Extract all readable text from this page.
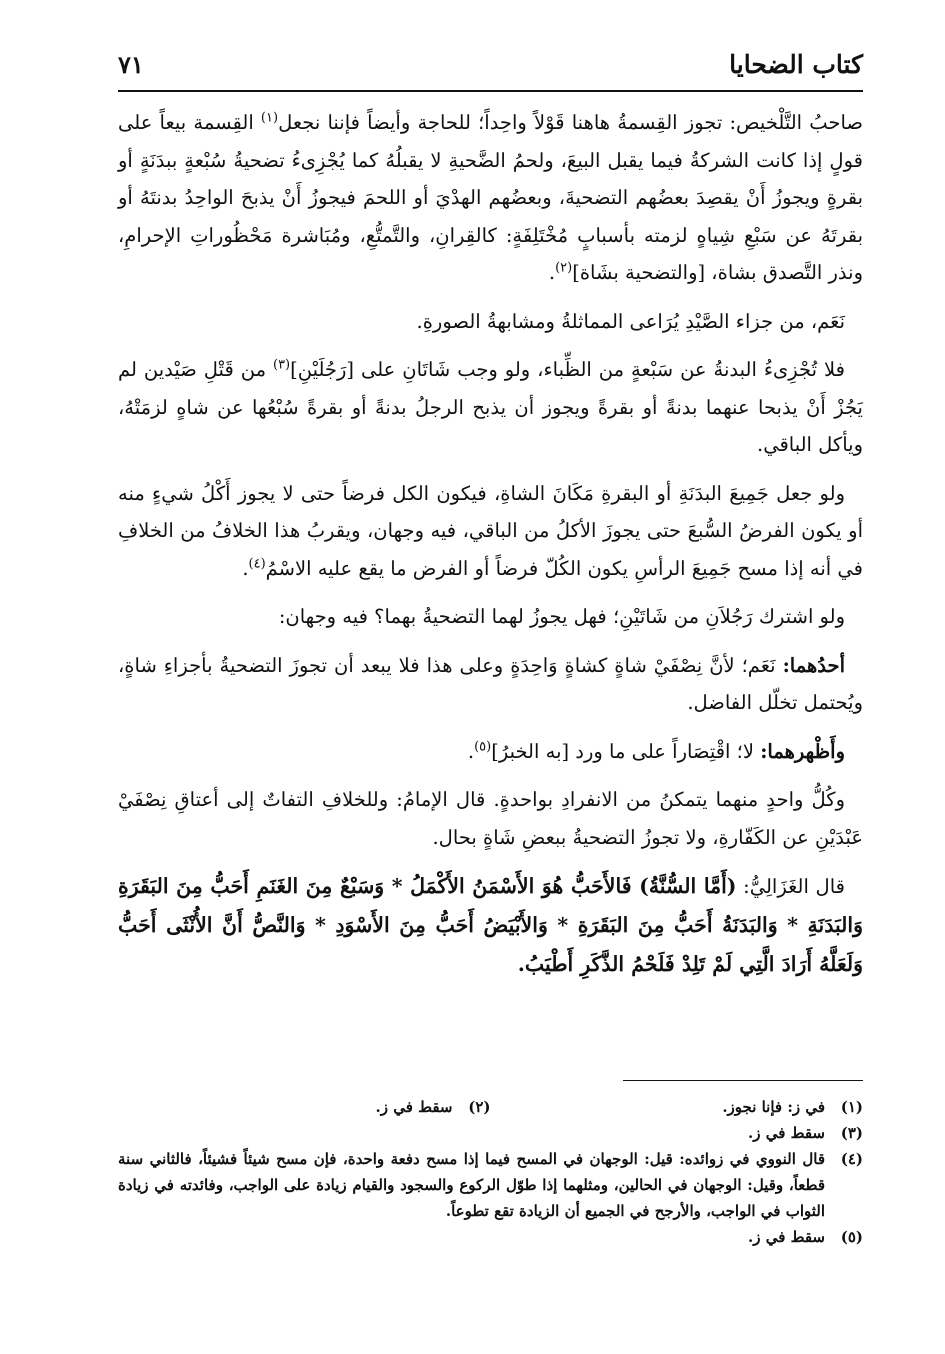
كتاب الضحايا
٧١

صاحبُ التَّلْخيص: تجوز القِسمةُ هاهنا قَوْلاً واحِداً؛ للحاجة وأيضاً فإننا نجعل$^{(١)}$ القِسمة بيعاً على قولٍ إذا كانت الشركةُ فيما يقبل البيعَ، ولحمُ الضَّحيةِ لا يقبلُهُ كما يُجْزِىءُ تضحيةُ سُبْعةٍ ببدَنَةٍ أو بقرةٍ ويجوزُ أَنْ يقصِدَ بعضُهم التضحيةَ، وبعضُهم الهدْيَ أو اللحمَ فيجوزُ أَنْ يذبحَ الواحِدُ بدنتَهُ أو بقرتَهُ عن سَبْعِ شِياهٍ لزمته بأسبابٍ مُخْتَلِفَةٍ: كالقِرانِ، والتَّمتُّعِ، ومُبَاشرة مَحْظُوراتِ الإحرامِ، ونذر التَّصدق بشاة، [والتضحية بشَاة]$^{(٢)}$.

نَعَم، من جزاء الصَّيْدِ يُرَاعى المماثلةُ ومشابهةُ الصورةِ.

فلا تُجْزِىءُ البدنةُ عن سَبْعةٍ من الظِّباء، ولو وجب شَاتَانِ على [رَجُلَيْنِ]$^{(٣)}$ من قَتْلِ صَيْدين لم يَجُزْ أَنْ يذبحا عنهما بدنةً أو بقرةً ويجوز أن يذبح الرجلُ بدنةً أو بقرةً سُبْعُها عن شاهٍ لزمَتْهُ، ويأكل الباقي.

ولو جعل جَمِيعَ البدَنَةِ أو البقرةِ مَكَانَ الشاةِ، فيكون الكل فرضاً حتى لا يجوز أَكْلُ شيءٍ منه أو يكون الفرضُ السُّبعَ حتى يجوزَ الأكلُ من الباقي، فيه وجهان، ويقربُ هذا الخلافُ من الخلافِ في أنه إذا مسح جَمِيعَ الرأسِ يكون الكُلّ فرضاً أو الفرض ما يقع عليه الاسْمُ$^{(٤)}$.

ولو اشترك رَجُلاَنِ من شَاتَيْنِ؛ فهل يجوزُ لهما التضحيةُ بهما؟ فيه وجهان:

أحدُهما: نَعَم؛ لأنَّ نِصْفَيْ شاةٍ كشاةٍ وَاحِدَةٍ وعلى هذا فلا يبعد أن تجوزَ التضحيةُ بأجزاءِ شاةٍ، ويُحتمل تخلّل الفاضل.

وأَظْهرهما: لا؛ اقْتِصَاراً على ما ورد [به الخبرُ]$^{(٥)}$.

وكُلُّ واحدٍ منهما يتمكنُ من الانفرادِ بواحدةٍ. قال الإمامُ: وللخلافِ التفاتٌ إلى أعتاقِ نِصْفَيْ عَبْدَيْنِ عن الكَفّارةِ، ولا تجوزُ التضحيةُ ببعضِ شَاةٍ بحال.

قال الغَزَالِيُّ: (أَمَّا السُّنَّةُ) فَالأَحَبُّ هُوَ الأَسْمَنُ الأَكْمَلُ * وَسَبْعٌ مِنَ الغَنَمِ أَحَبُّ مِنَ البَقَرَةِ وَالبَدَنَةِ * وَالبَدَنَةُ أَحَبُّ مِنَ البَقَرَةِ * وَالأَبْيَضُ أَحَبُّ مِنَ الأَسْوَدِ * وَالنَّصُّ أَنَّ الأُنْثَى أَحَبُّ وَلَعَلَّهُ أَرَادَ الَّتِي لَمْ تَلِدْ فَلَحْمُ الذَّكَرِ أَطْيَبُ.

(١)
في ز: فإنا نجوز.
(٢)
سقط في ز.
(٣)
سقط في ز.
(٤)
قال النووي في زوائده: قيل: الوجهان في المسح فيما إذا مسح دفعة واحدة، فإن مسح شيئاً فشيئاً، فالثاني سنة قطعاً، وقيل: الوجهان في الحالين، ومثلهما إذا طوّل الركوع والسجود والقيام زيادة على الواجب، وفائدته في زيادة الثواب في الواجب، والأرجح في الجميع أن الزيادة تقع تطوعاً.
(٥)
سقط في ز.
